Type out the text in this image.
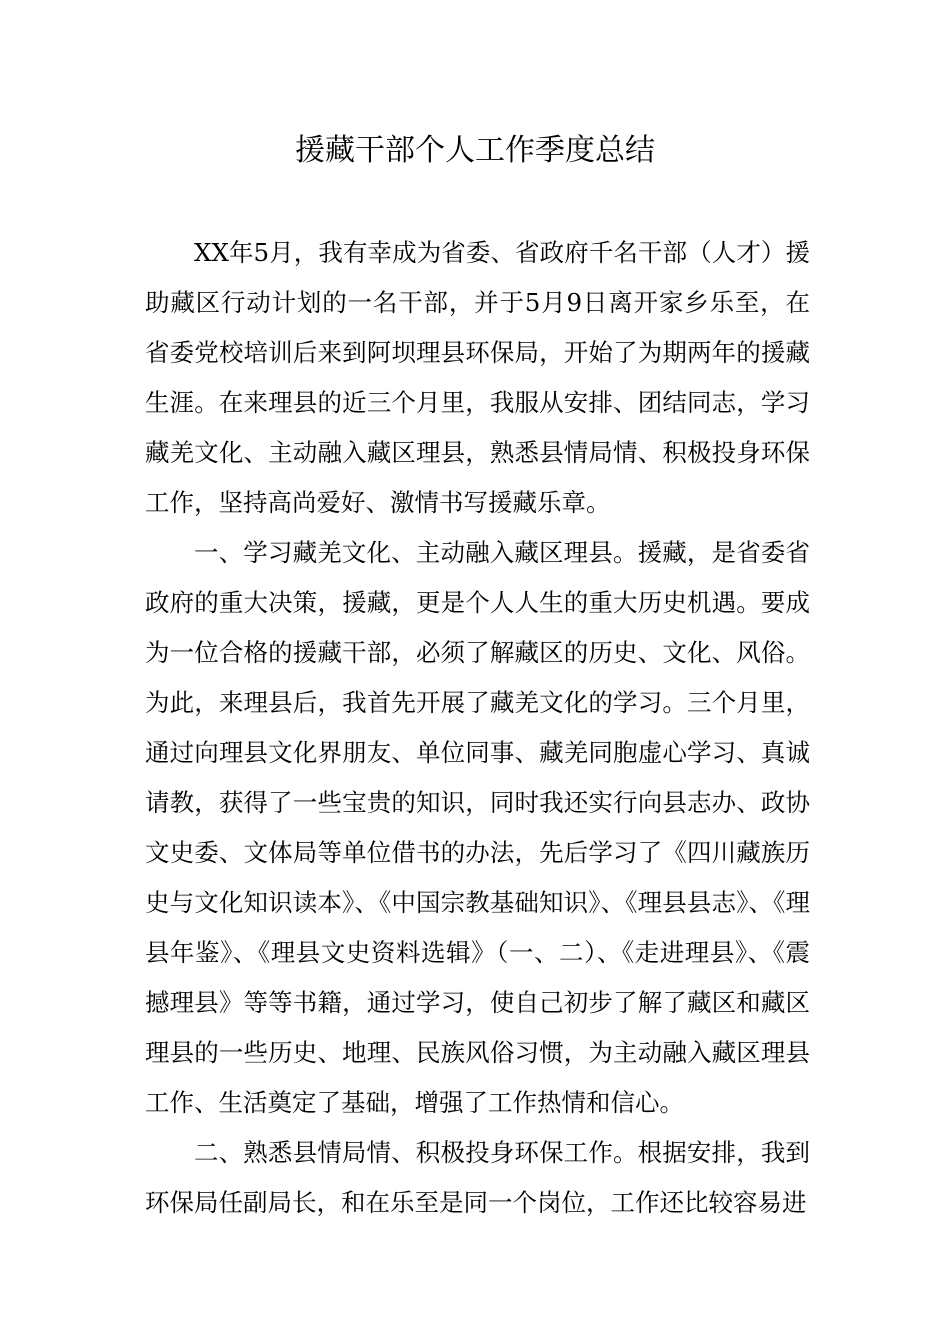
援藏干部个人工作季度总结

XX年5月，我有幸成为省委、省政府千名干部（人才）援助藏区行动计划的一名干部，并于5月9日离开家乡乐至，在省委党校培训后来到阿坝理县环保局，开始了为期两年的援藏生涯。在来理县的近三个月里，我服从安排、团结同志，学习藏羌文化、主动融入藏区理县，熟悉县情局情、积极投身环保工作，坚持高尚爱好、激情书写援藏乐章。

一、学习藏羌文化、主动融入藏区理县。援藏，是省委省政府的重大决策，援藏，更是个人人生的重大历史机遇。要成为一位合格的援藏干部，必须了解藏区的历史、文化、风俗。为此，来理县后，我首先开展了藏羌文化的学习。三个月里，通过向理县文化界朋友、单位同事、藏羌同胞虚心学习、真诚请教，获得了一些宝贵的知识，同时我还实行向县志办、政协文史委、文体局等单位借书的办法，先后学习了《四川藏族历史与文化知识读本》、《中国宗教基础知识》、《理县县志》、《理县年鉴》、《理县文史资料选辑》（一、二）、《走进理县》、《震撼理县》等等书籍，通过学习，使自己初步了解了藏区和藏区理县的一些历史、地理、民族风俗习惯，为主动融入藏区理县工作、生活奠定了基础，增强了工作热情和信心。

二、熟悉县情局情、积极投身环保工作。根据安排，我到环保局任副局长，和在乐至是同一个岗位，工作还比较容易进
